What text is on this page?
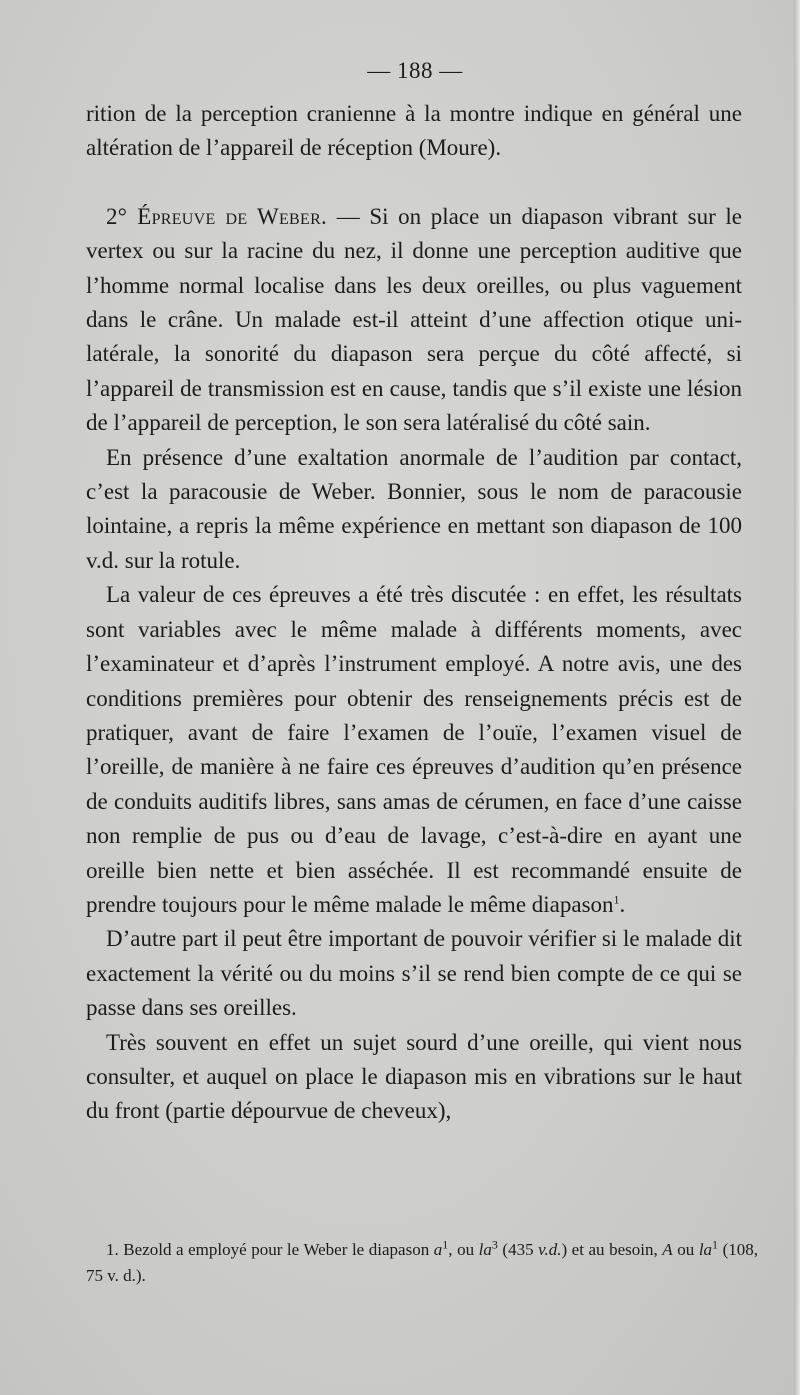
— 188 —

rition de la perception cranienne à la montre indique en général une altération de l’appareil de réception (Moure).

2° Épreuve de Weber. — Si on place un diapason vibrant sur le vertex ou sur la racine du nez, il donne une perception auditive que l’homme normal localise dans les deux oreilles, ou plus vaguement dans le crâne. Un malade est-il atteint d’une affection otique uni-latérale, la sonorité du diapason sera perçue du côté affecté, si l’appareil de transmission est en cause, tandis que s’il existe une lésion de l’appareil de perception, le son sera latéralisé du côté sain.

En présence d’une exaltation anormale de l’audition par contact, c’est la paracousie de Weber. Bonnier, sous le nom de paracousie lointaine, a repris la même expérience en mettant son diapason de 100 v.d. sur la rotule.

La valeur de ces épreuves a été très discutée : en effet, les résultats sont variables avec le même malade à différents moments, avec l’examinateur et d’après l’instrument employé. A notre avis, une des conditions premières pour obtenir des renseignements précis est de pratiquer, avant de faire l’examen de l’ouïe, l’examen visuel de l’oreille, de manière à ne faire ces épreuves d’audition qu’en présence de conduits auditifs libres, sans amas de cérumen, en face d’une caisse non remplie de pus ou d’eau de lavage, c’est-à-dire en ayant une oreille bien nette et bien asséchée. Il est recommandé ensuite de prendre toujours pour le même malade le même diapason$^1$.

D’autre part il peut être important de pouvoir vérifier si le malade dit exactement la vérité ou du moins s’il se rend bien compte de ce qui se passe dans ses oreilles.

Très souvent en effet un sujet sourd d’une oreille, qui vient nous consulter, et auquel on place le diapason mis en vibrations sur le haut du front (partie dépourvue de cheveux),

1. Bezold a employé pour le Weber le diapason $a^1$, ou $la^3$ (435 v.d.) et au besoin, A ou $la^1$ (108, 75 v. d.).
